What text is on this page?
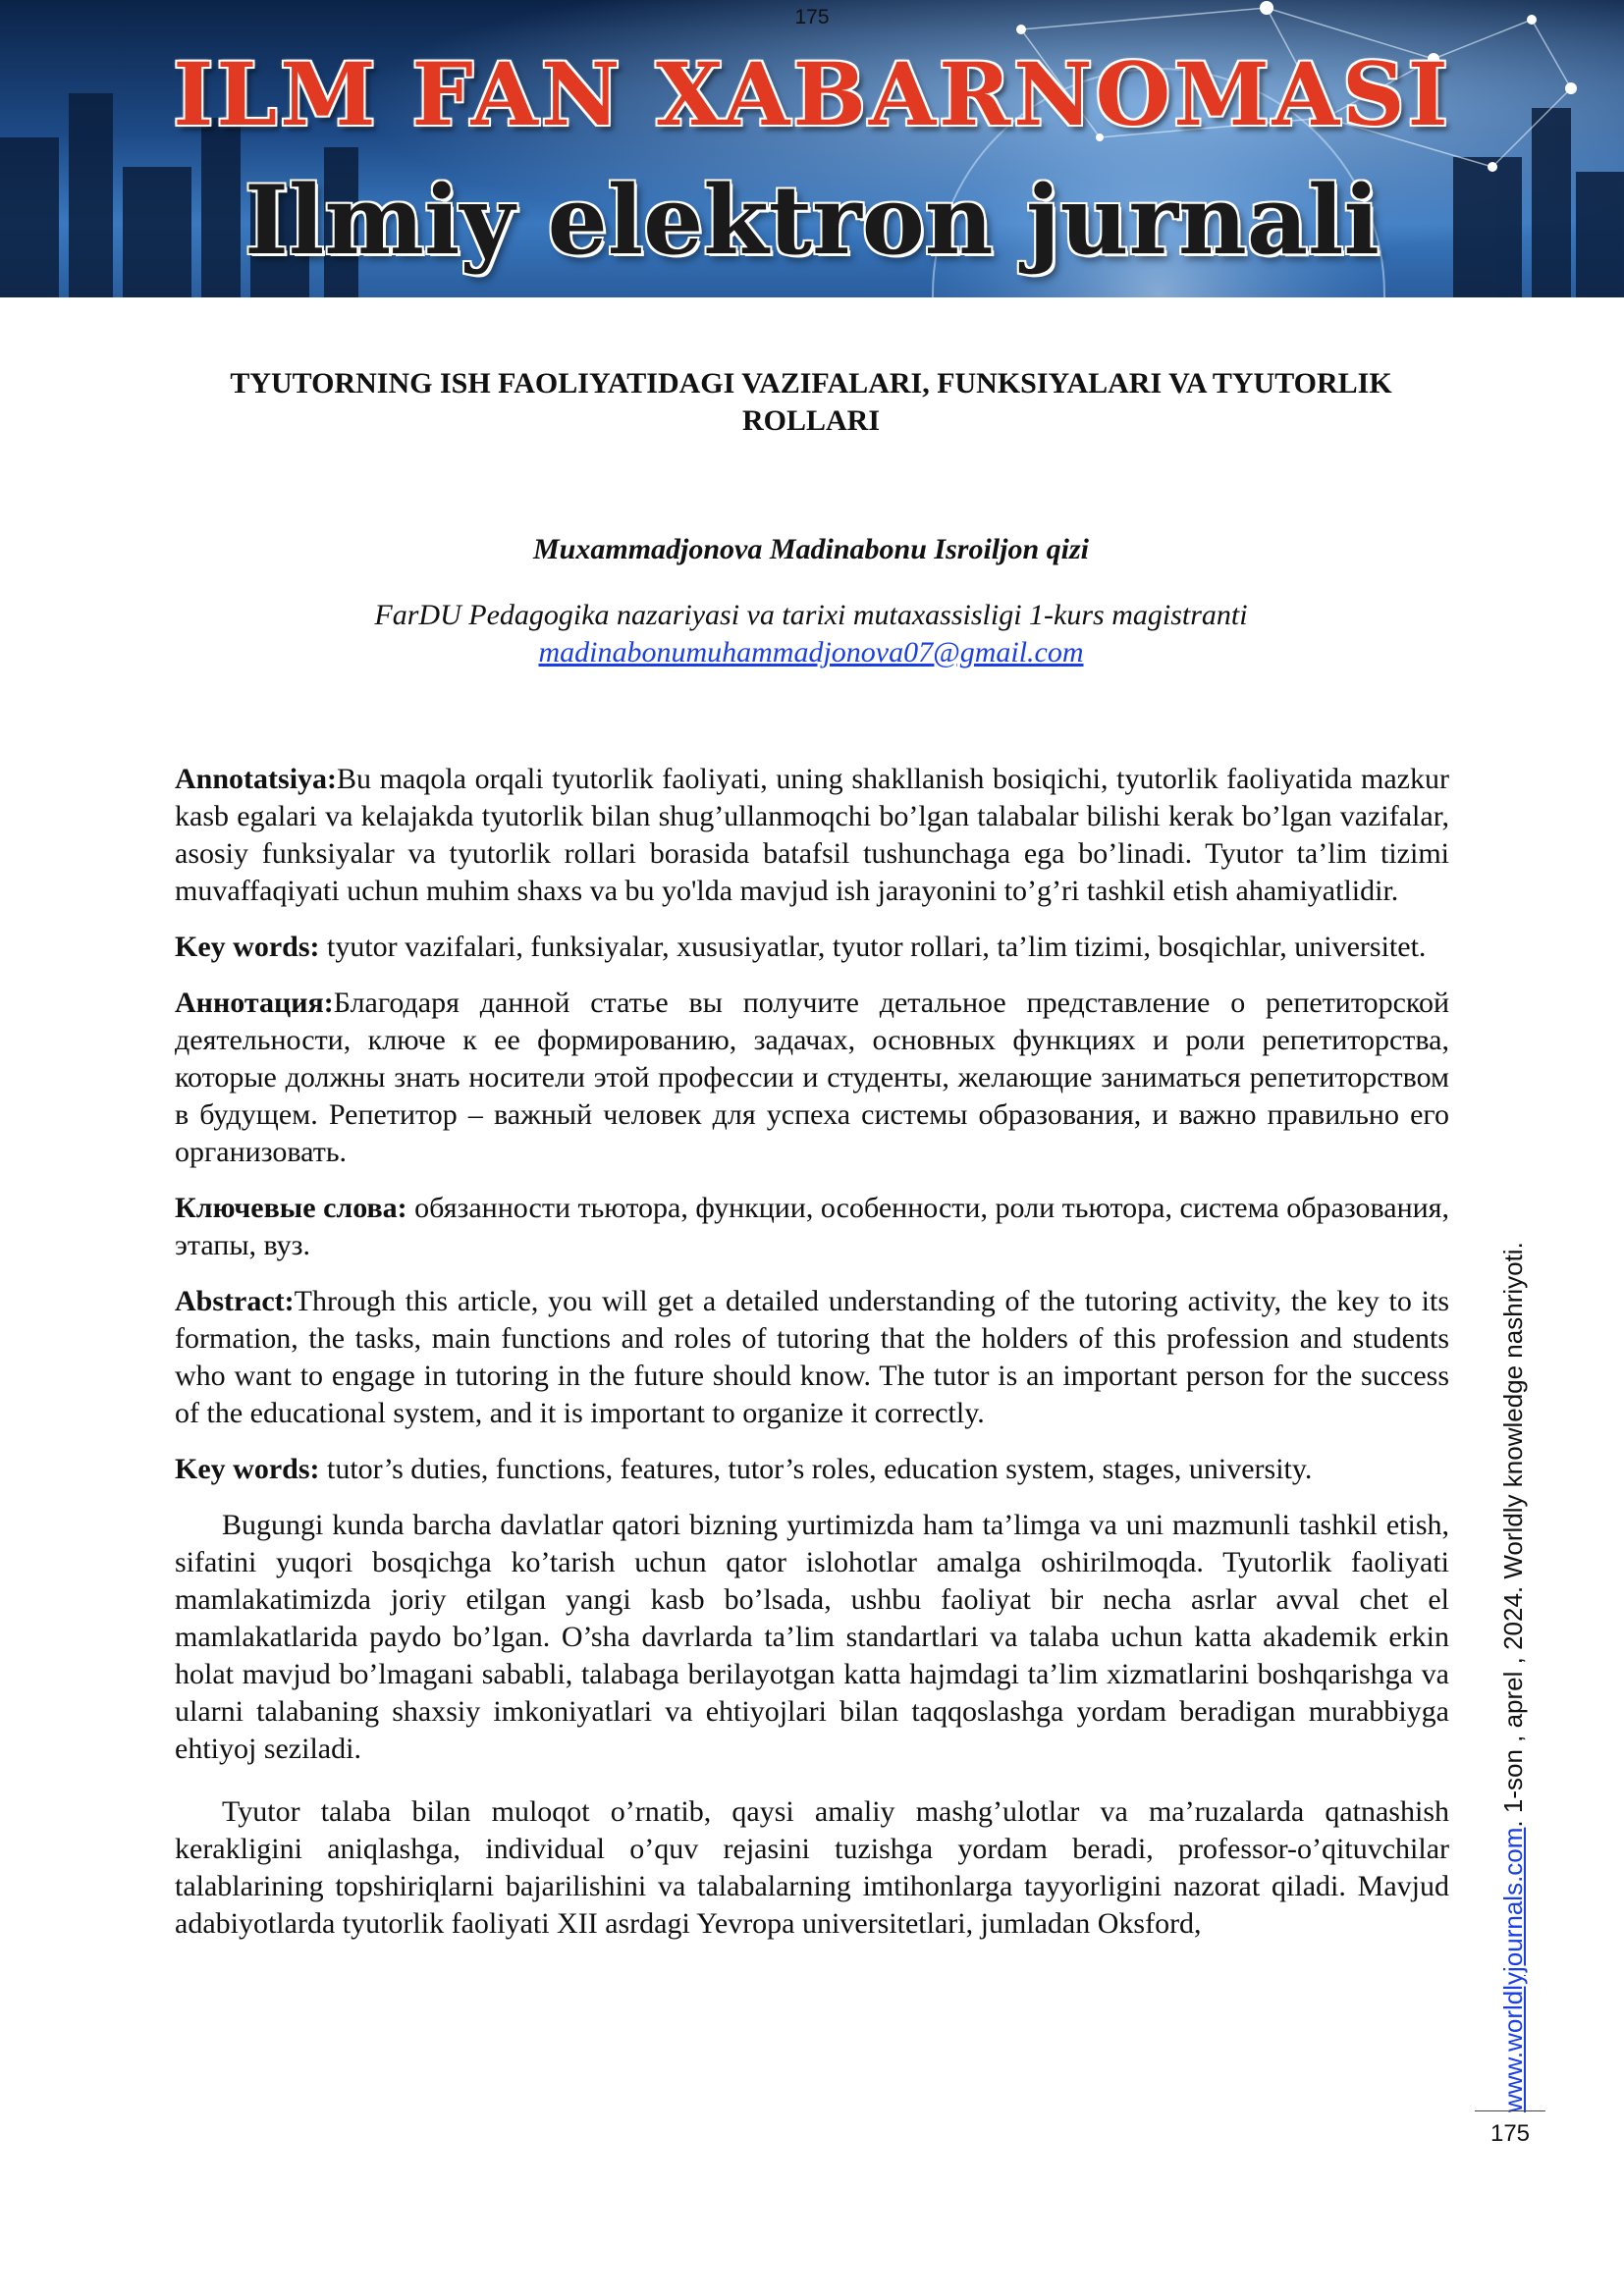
ILM FAN XABARNOMASI
Ilmiy elektron jurnali
175
TYUTORNING ISH FAOLIYATIDAGI VAZIFALARI, FUNKSIYALARI VA TYUTORLIK ROLLARI
Muxammadjonova Madinabonu Isroiljon qizi
FarDU Pedagogika nazariyasi va tarixi mutaxassisligi 1-kurs magistranti
madinabonumuhammadjonova07@gmail.com

Annotatsiya:Bu maqola orqali tyutorlik faoliyati, uning shakllanish bosiqichi, tyutorlik faoliyatida mazkur kasb egalari va kelajakda tyutorlik bilan shug’ullanmoqchi bo’lgan talabalar bilishi kerak bo’lgan vazifalar, asosiy funksiyalar va tyutorlik rollari borasida batafsil tushunchaga ega bo’linadi. Tyutor ta’lim tizimi muvaffaqiyati uchun muhim shaxs va bu yo'lda mavjud ish jarayonini to’g’ri tashkil etish ahamiyatlidir.

Key words: tyutor vazifalari, funksiyalar, xususiyatlar, tyutor rollari, ta’lim tizimi, bosqichlar, universitet.

Аннотация:Благодаря данной статье вы получите детальное представление о репетиторской деятельности, ключе к ее формированию, задачах, основных функциях и роли репетиторства, которые должны знать носители этой профессии и студенты, желающие заниматься репетиторством в будущем. Репетитор – важный человек для успеха системы образования, и важно правильно его организовать.

Ключевые слова: обязанности тьютора, функции, особенности, роли тьютора, система образования, этапы, вуз.

Abstract:Through this article, you will get a detailed understanding of the tutoring activity, the key to its formation, the tasks, main functions and roles of tutoring that the holders of this profession and students who want to engage in tutoring in the future should know. The tutor is an important person for the success of the educational system, and it is important to organize it correctly.

Key words: tutor’s duties, functions, features, tutor’s roles, education system, stages, university.

Bugungi kunda barcha davlatlar qatori bizning yurtimizda ham ta’limga va uni mazmunli tashkil etish, sifatini yuqori bosqichga ko’tarish uchun qator islohotlar amalga oshirilmoqda. Tyutorlik faoliyati mamlakatimizda joriy etilgan yangi kasb bo’lsada, ushbu faoliyat bir necha asrlar avval chet el mamlakatlarida paydo bo’lgan. O’sha davrlarda ta’lim standartlari va talaba uchun katta akademik erkin holat mavjud bo’lmagani sababli, talabaga berilayotgan katta hajmdagi ta’lim xizmatlarini boshqarishga va ularni talabaning shaxsiy imkoniyatlari va ehtiyojlari bilan taqqoslashga yordam beradigan murabbiyga ehtiyoj seziladi.

Tyutor talaba bilan muloqot o’rnatib, qaysi amaliy mashg’ulotlar va ma’ruzalarda qatnashish kerakligini aniqlashga, individual o’quv rejasini tuzishga yordam beradi, professor-o’qituvchilar talablarining topshiriqlarni bajarilishini va talabalarning imtihonlarga tayyorligini nazorat qiladi. Mavjud adabiyotlarda tyutorlik faoliyati XII asrdagi Yevropa universitetlari, jumladan Oksford,	www.worldlyjournals.com. 1-son , aprel , 2024. Worldly knowledge nashriyoti.
175
